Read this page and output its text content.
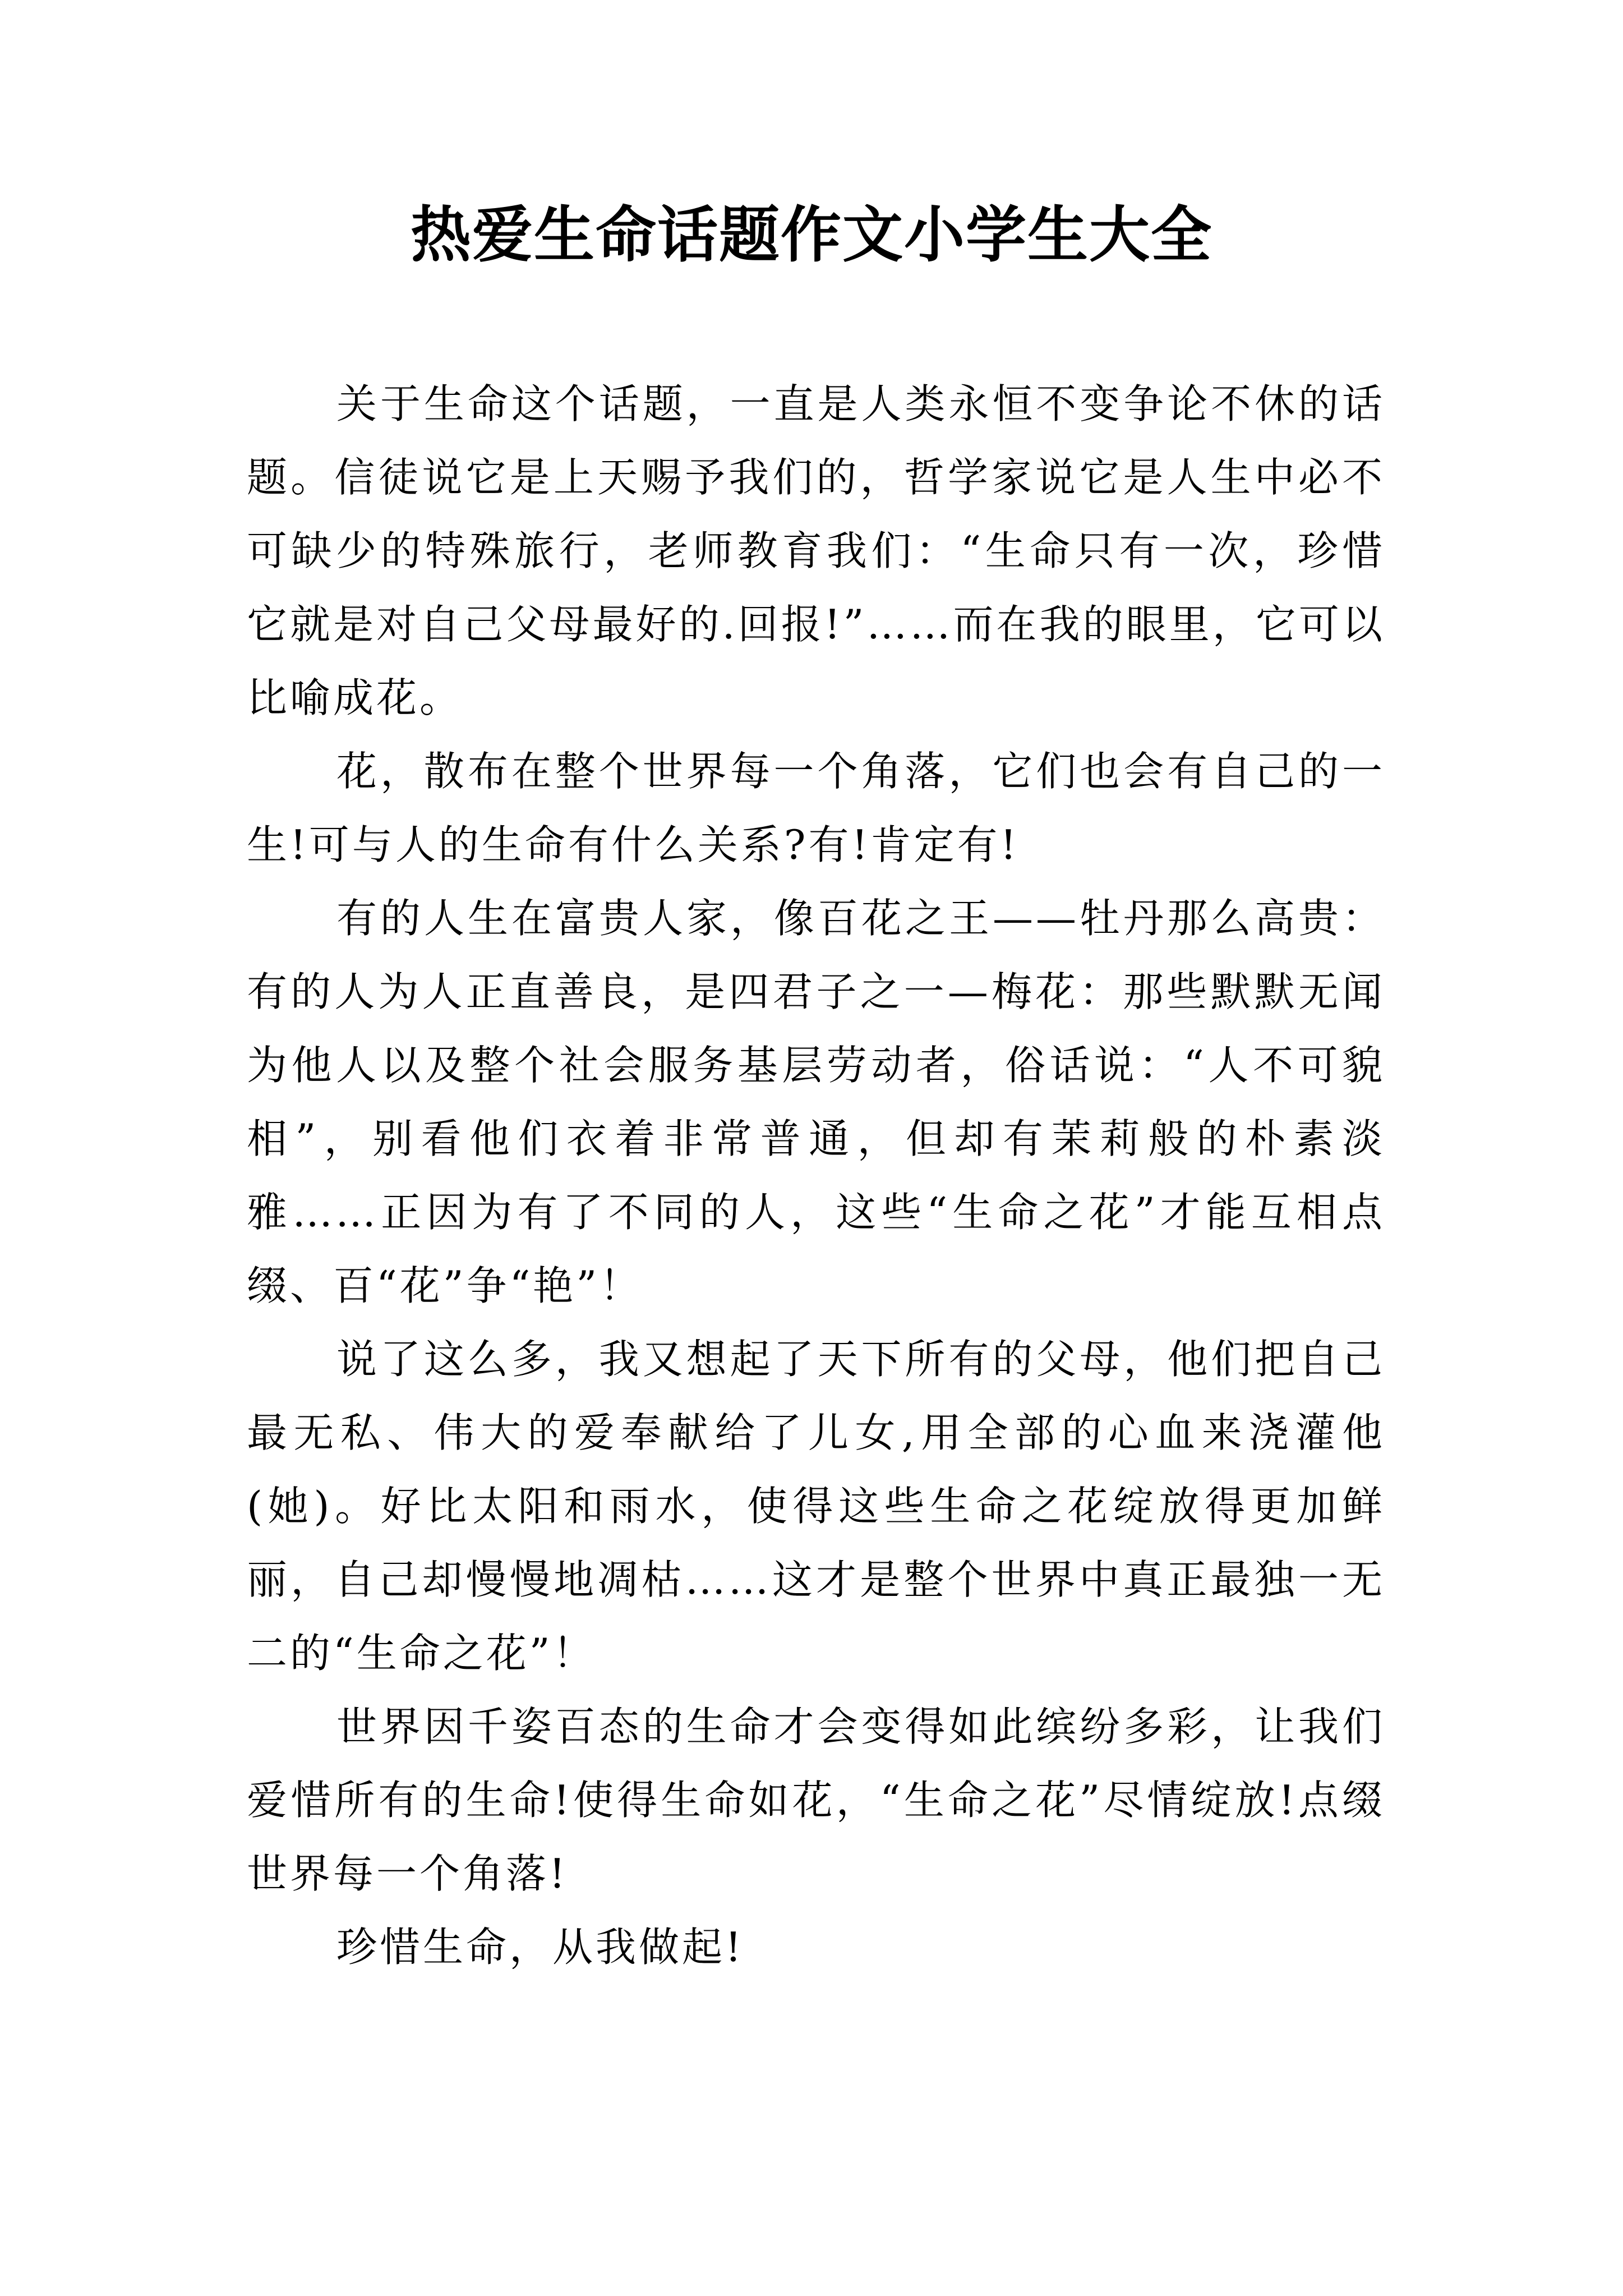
热爱生命话题作文小学生大全

关于生命这个话题，一直是人类永恒不变争论不休的话题。信徒说它是上天赐予我们的，哲学家说它是人生中必不可缺少的特殊旅行，老师教育我们：“生命只有一次，珍惜它就是对自己父母最好的.回报!”……而在我的眼里，它可以比喻成花。

花，散布在整个世界每一个角落，它们也会有自己的一生!可与人的生命有什么关系?有!肯定有!

有的人生在富贵人家，像百花之王——牡丹那么高贵：有的人为人正直善良，是四君子之一—梅花：那些默默无闻为他人以及整个社会服务基层劳动者，俗话说：“人不可貌相”，别看他们衣着非常普通，但却有茉莉般的朴素淡雅……正因为有了不同的人，这些“生命之花”才能互相点缀、百“花”争“艳”！

说了这么多，我又想起了天下所有的父母，他们把自己最无私、伟大的爱奉献给了儿女,用全部的心血来浇灌他(她)。好比太阳和雨水，使得这些生命之花绽放得更加鲜丽，自己却慢慢地凋枯……这才是整个世界中真正最独一无二的“生命之花”！

世界因千姿百态的生命才会变得如此缤纷多彩，让我们爱惜所有的生命!使得生命如花，“生命之花”尽情绽放!点缀世界每一个角落!

珍惜生命，从我做起!
